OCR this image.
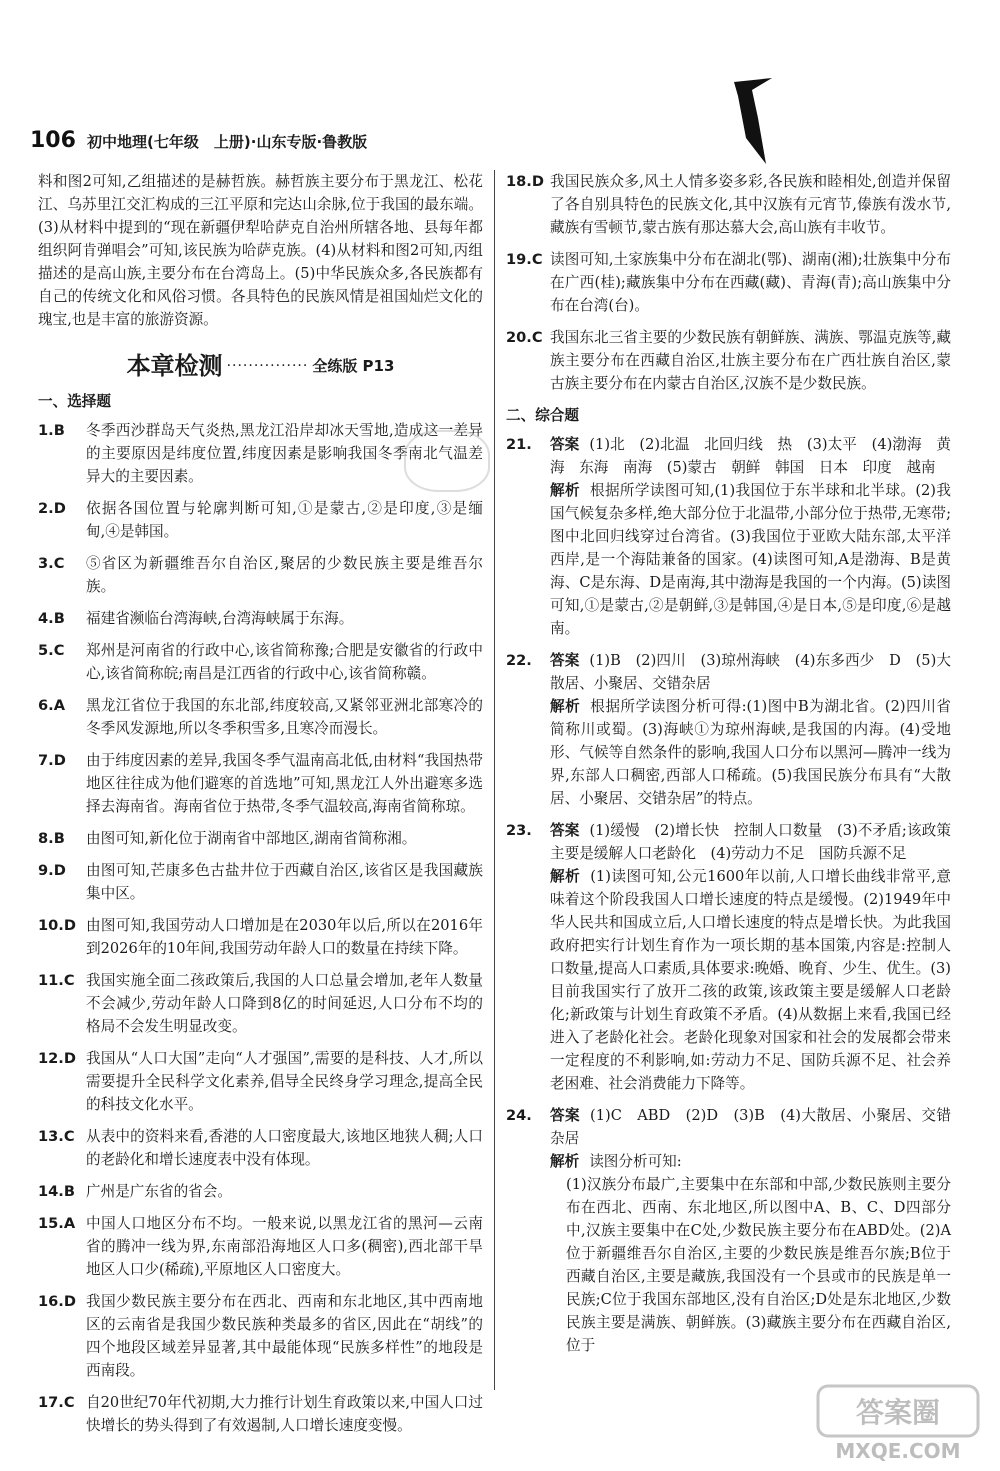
106 初中地理(七年级　上册)·山东专版·鲁教版

料和图2可知,乙组描述的是赫哲族。赫哲族主要分布于黑龙江、松花江、乌苏里江交汇构成的三江平原和完达山余脉,位于我国的最东端。(3)从材料中提到的“现在新疆伊犁哈萨克自治州所辖各地、县每年都组织阿肯弹唱会”可知,该民族为哈萨克族。(4)从材料和图2可知,丙组描述的是高山族,主要分布在台湾岛上。(5)中华民族众多,各民族都有自己的传统文化和风俗习惯。各具特色的民族风情是祖国灿烂文化的瑰宝,也是丰富的旅游资源。

本章检测 ··············· 全练版 P13
一、选择题
1.B	冬季西沙群岛天气炎热,黑龙江沿岸却冰天雪地,造成这一差异的主要原因是纬度位置,纬度因素是影响我国冬季南北气温差异大的主要因素。
2.D	依据各国位置与轮廓判断可知,①是蒙古,②是印度,③是缅甸,④是韩国。
3.C	⑤省区为新疆维吾尔自治区,聚居的少数民族主要是维吾尔族。
4.B	福建省濒临台湾海峡,台湾海峡属于东海。
5.C	郑州是河南省的行政中心,该省简称豫;合肥是安徽省的行政中心,该省简称皖;南昌是江西省的行政中心,该省简称赣。
6.A	黑龙江省位于我国的东北部,纬度较高,又紧邻亚洲北部寒冷的冬季风发源地,所以冬季积雪多,且寒冷而漫长。
7.D	由于纬度因素的差异,我国冬季气温南高北低,由材料“我国热带地区往往成为他们避寒的首选地”可知,黑龙江人外出避寒多选择去海南省。海南省位于热带,冬季气温较高,海南省简称琼。
8.B	由图可知,新化位于湖南省中部地区,湖南省简称湘。
9.D	由图可知,芒康多色古盐井位于西藏自治区,该省区是我国藏族集中区。
10.D 由图可知,我国劳动人口增加是在2030年以后,所以在2016年到2026年的10年间,我国劳动年龄人口的数量在持续下降。
11.C 我国实施全面二孩政策后,我国的人口总量会增加,老年人数量不会减少,劳动年龄人口降到8亿的时间延迟,人口分布不均的格局不会发生明显改变。
12.D 我国从“人口大国”走向“人才强国”,需要的是科技、人才,所以需要提升全民科学文化素养,倡导全民终身学习理念,提高全民的科技文化水平。
13.C 从表中的资料来看,香港的人口密度最大,该地区地狭人稠;人口的老龄化和增长速度表中没有体现。
14.B 广州是广东省的省会。
15.A 中国人口地区分布不均。一般来说,以黑龙江省的黑河—云南省的腾冲一线为界,东南部沿海地区人口多(稠密),西北部干旱地区人口少(稀疏),平原地区人口密度大。
16.D 我国少数民族主要分布在西北、西南和东北地区,其中西南地区的云南省是我国少数民族种类最多的省区,因此在“胡线”的四个地段区域差异显著,其中最能体现“民族多样性”的地段是西南段。
17.C 自20世纪70年代初期,大力推行计划生育政策以来,中国人口过快增长的势头得到了有效遏制,人口增长速度变慢。
18.D 我国民族众多,风土人情多姿多彩,各民族和睦相处,创造并保留了各自别具特色的民族文化,其中汉族有元宵节,傣族有泼水节,藏族有雪顿节,蒙古族有那达慕大会,高山族有丰收节。
19.C 读图可知,土家族集中分布在湖北(鄂)、湖南(湘);壮族集中分布在广西(桂);藏族集中分布在西藏(藏)、青海(青);高山族集中分布在台湾(台)。
20.C 我国东北三省主要的少数民族有朝鲜族、满族、鄂温克族等,藏族主要分布在西藏自治区,壮族主要分布在广西壮族自治区,蒙古族主要分布在内蒙古自治区,汉族不是少数民族。
二、综合题
21.	答案 (1)北　(2)北温　北回归线　热　(3)太平　(4)渤海　黄海　东海　南海　(5)蒙古　朝鲜　韩国　日本　印度　越南
解析 根据所学读图可知,(1)我国位于东半球和北半球。(2)我国气候复杂多样,绝大部分位于北温带,小部分位于热带,无寒带;图中北回归线穿过台湾省。(3)我国位于亚欧大陆东部,太平洋西岸,是一个海陆兼备的国家。(4)读图可知,A是渤海、B是黄海、C是东海、D是南海,其中渤海是我国的一个内海。(5)读图可知,①是蒙古,②是朝鲜,③是韩国,④是日本,⑤是印度,⑥是越南。
22.	答案 (1)B　(2)四川　(3)琼州海峡　(4)东多西少　D　(5)大散居、小聚居、交错杂居
解析 根据所学读图分析可得:(1)图中B为湖北省。(2)四川省简称川或蜀。(3)海峡①为琼州海峡,是我国的内海。(4)受地形、气候等自然条件的影响,我国人口分布以黑河—腾冲一线为界,东部人口稠密,西部人口稀疏。(5)我国民族分布具有“大散居、小聚居、交错杂居”的特点。
23.	答案 (1)缓慢　(2)增长快　控制人口数量　(3)不矛盾;该政策主要是缓解人口老龄化　(4)劳动力不足　国防兵源不足
解析 (1)读图可知,公元1600年以前,人口增长曲线非常平,意味着这个阶段我国人口增长速度的特点是缓慢。(2)1949年中华人民共和国成立后,人口增长速度的特点是增长快。为此我国政府把实行计划生育作为一项长期的基本国策,内容是:控制人口数量,提高人口素质,具体要求:晚婚、晚育、少生、优生。(3)目前我国实行了放开二孩的政策,该政策主要是缓解人口老龄化;新政策与计划生育政策不矛盾。(4)从数据上来看,我国已经进入了老龄化社会。老龄化现象对国家和社会的发展都会带来一定程度的不利影响,如:劳动力不足、国防兵源不足、社会养老困难、社会消费能力下降等。
24.	答案 (1)C　ABD　(2)D　(3)B　(4)大散居、小聚居、交错杂居
解析 读图分析可知:
(1)汉族分布最广,主要集中在东部和中部,少数民族则主要分布在西北、西南、东北地区,所以图中A、B、C、D四部分中,汉族主要集中在C处,少数民族主要分布在ABD处。(2)A位于新疆维吾尔自治区,主要的少数民族是维吾尔族;B位于西藏自治区,主要是藏族,我国没有一个县或市的民族是单一民族;C位于我国东部地区,没有自治区;D处是东北地区,少数民族主要是满族、朝鲜族。(3)藏族主要分布在西藏自治区,位于
答案圈
MXQE.COM
